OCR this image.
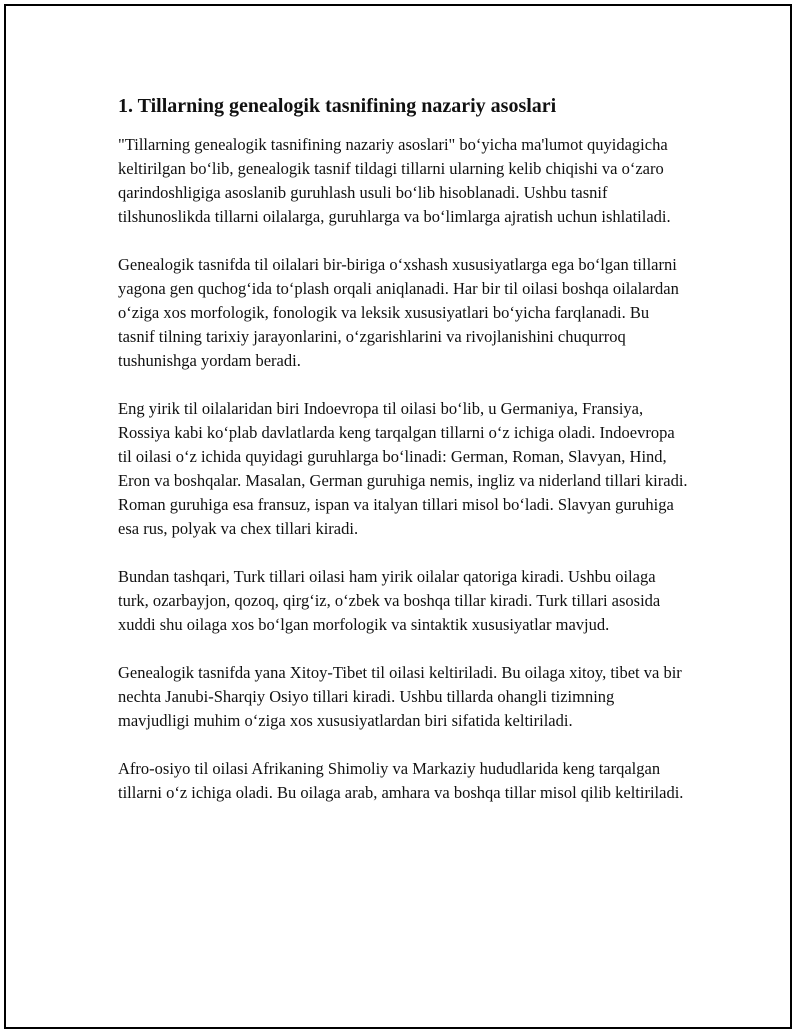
1. Tillarning genealogik tasnifining nazariy asoslari

"Tillarning genealogik tasnifining nazariy asoslari" bo‘yicha ma'lumot quyidagicha keltirilgan bo‘lib, genealogik tasnif tildagi tillarni ularning kelib chiqishi va o‘zaro qarindoshligiga asoslanib guruhlash usuli bo‘lib hisoblanadi. Ushbu tasnif tilshunoslikda tillarni oilalarga, guruhlarga va bo‘limlarga ajratish uchun ishlatiladi.

Genealogik tasnifda til oilalari bir-biriga o‘xshash xususiyatlarga ega bo‘lgan tillarni yagona gen quchog‘ida to‘plash orqali aniqlanadi. Har bir til oilasi boshqa oilalardan o‘ziga xos morfologik, fonologik va leksik xususiyatlari bo‘yicha farqlanadi. Bu tasnif tilning tarixiy jarayonlarini, o‘zgarishlarini va rivojlanishini chuqurroq tushunishga yordam beradi.

Eng yirik til oilalaridan biri Indoevropa til oilasi bo‘lib, u Germaniya, Fransiya, Rossiya kabi ko‘plab davlatlarda keng tarqalgan tillarni o‘z ichiga oladi. Indoevropa til oilasi o‘z ichida quyidagi guruhlarga bo‘linadi: German, Roman, Slavyan, Hind, Eron va boshqalar. Masalan, German guruhiga nemis, ingliz va niderland tillari kiradi. Roman guruhiga esa fransuz, ispan va italyan tillari misol bo‘ladi. Slavyan guruhiga esa rus, polyak va chex tillari kiradi.

Bundan tashqari, Turk tillari oilasi ham yirik oilalar qatoriga kiradi. Ushbu oilaga turk, ozarbayjon, qozoq, qirg‘iz, o‘zbek va boshqa tillar kiradi. Turk tillari asosida xuddi shu oilaga xos bo‘lgan morfologik va sintaktik xususiyatlar mavjud.

Genealogik tasnifda yana Xitoy-Tibet til oilasi keltiriladi. Bu oilaga xitoy, tibet va bir nechta Janubi-Sharqiy Osiyo tillari kiradi. Ushbu tillarda ohangli tizimning mavjudligi muhim o‘ziga xos xususiyatlardan biri sifatida keltiriladi.

Afro-osiyo til oilasi Afrikaning Shimoliy va Markaziy hududlarida keng tarqalgan tillarni o‘z ichiga oladi. Bu oilaga arab, amhara va boshqa tillar misol qilib keltiriladi.
